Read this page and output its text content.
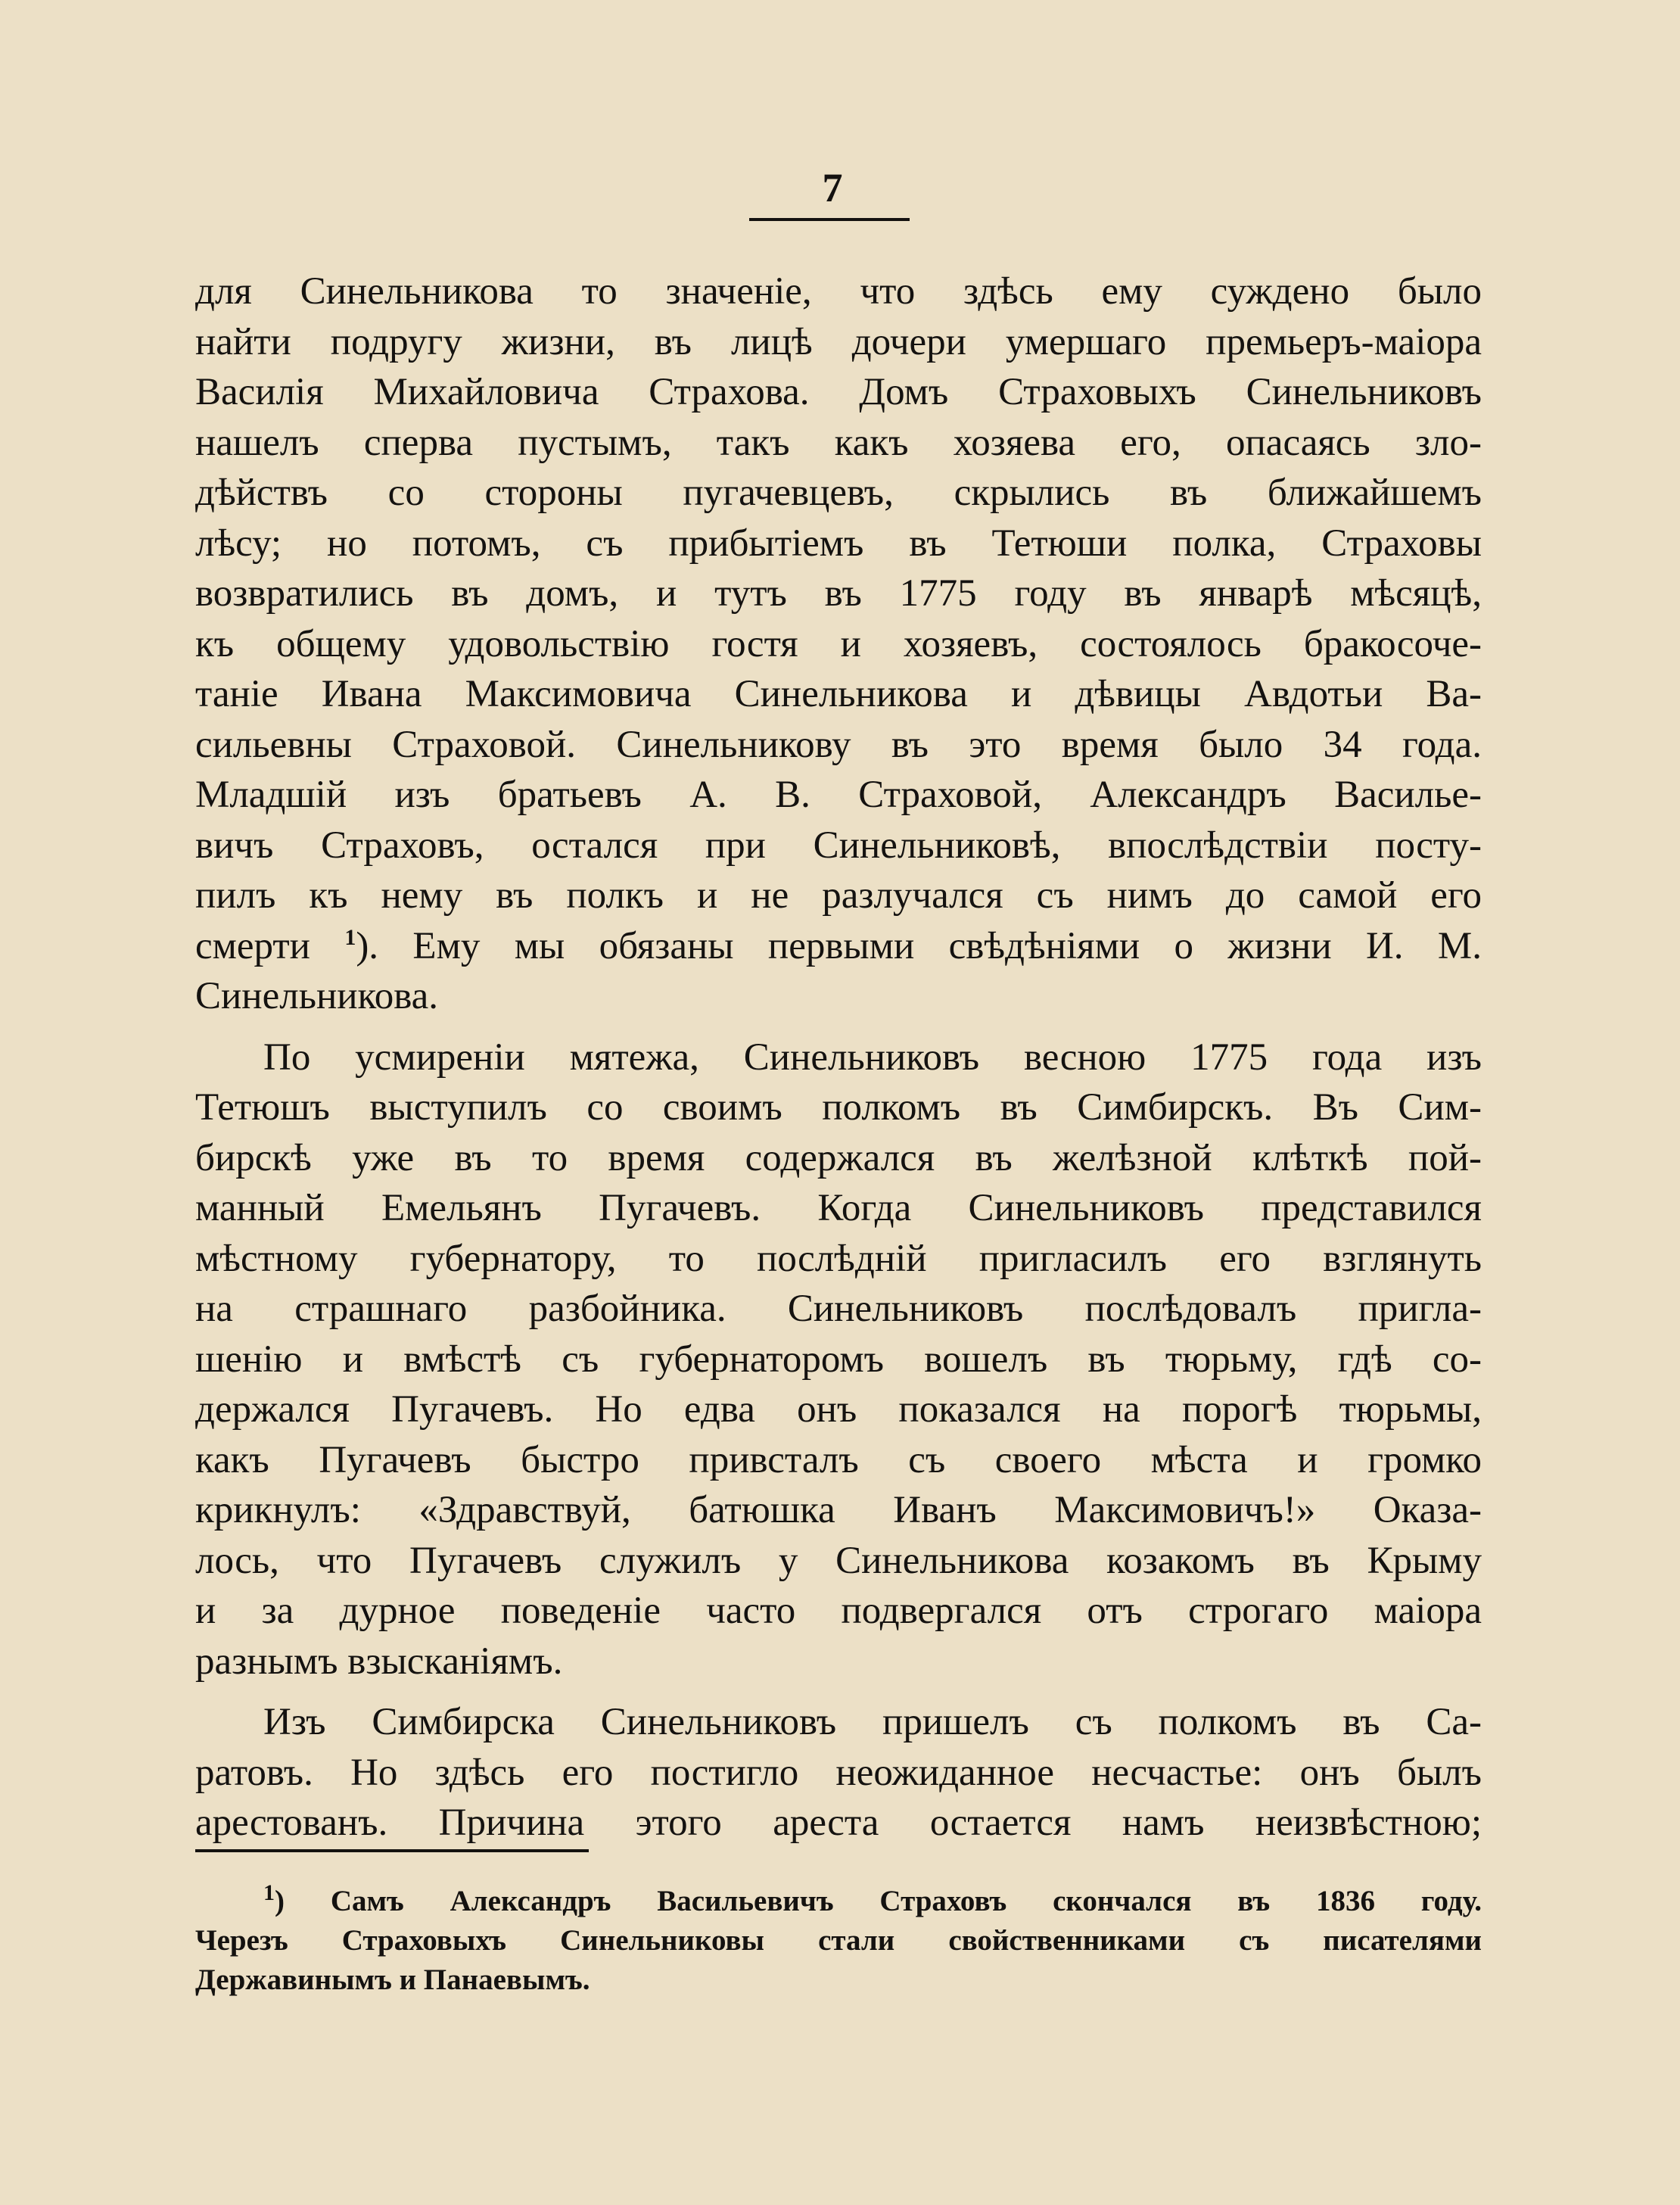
7
для Синельникова то значеніе, что здѣсь ему суждено было
найти подругу жизни, въ лицѣ дочери умершаго премьеръ-маіора
Василія Михайловича Страхова. Домъ Страховыхъ Синельниковъ
нашелъ сперва пустымъ, такъ какъ хозяева его, опасаясь зло-
дѣйствъ со стороны пугачевцевъ, скрылись въ ближайшемъ
лѣсу; но потомъ, съ прибытіемъ въ Тетюши полка, Страховы
возвратились въ домъ, и тутъ въ 1775 году въ январѣ мѣсяцѣ,
къ общему удовольствію гостя и хозяевъ, состоялось бракосоче-
таніе Ивана Максимовича Синельникова и дѣвицы Авдотьи Ва-
сильевны Страховой. Синельникову въ это время было 34 года.
Младшій изъ братьевъ А. В. Страховой, Александръ Васильe-
вичъ Страховъ, остался при Синельниковѣ, впослѣдствіи посту-
пилъ къ нему въ полкъ и не разлучался съ нимъ до самой его
смерти $^1$). Ему мы обязаны первыми свѣдѣніями о жизни И. М.
Синельникова.
По усмиреніи мятежа, Синельниковъ весною 1775 года изъ
Тетюшъ выступилъ со своимъ полкомъ въ Симбирскъ. Въ Сим-
бирскѣ уже въ то время содержался въ желѣзной клѣткѣ пой-
манный Емельянъ Пугачевъ. Когда Синельниковъ представился
мѣстному губернатору, то послѣдній пригласилъ его взглянуть
на страшнаго разбойника. Синельниковъ послѣдовалъ пригла-
шенію и вмѣстѣ съ губернаторомъ вошелъ въ тюрьму, гдѣ со-
держался Пугачевъ. Но едва онъ показался на порогѣ тюрьмы,
какъ Пугачевъ быстро привсталъ съ своего мѣста и громко
крикнулъ: «Здравствуй, батюшка Иванъ Максимовичъ!» Оказа-
лось, что Пугачевъ служилъ у Синельникова козакомъ въ Крыму
и за дурное поведеніе часто подвергался отъ строгаго маіора
разнымъ взысканіямъ.
Изъ Симбирска Синельниковъ пришелъ съ полкомъ въ Са-
ратовъ. Но здѣсь его постигло неожиданное несчастье: онъ былъ
арестованъ. Причина этого ареста остается намъ неизвѣстною;
$^1$) Самъ Александръ Васильевичъ Страховъ скончался въ 1836 году.
Черезъ Страховыхъ Синельниковы стали свойственниками съ писателями
Державинымъ и Панаевымъ.
